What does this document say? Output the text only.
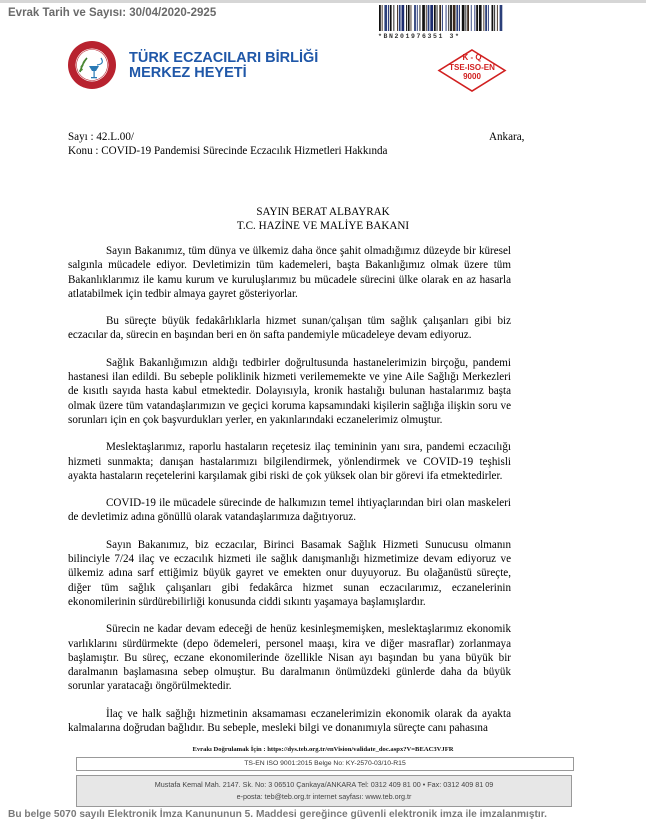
Evrak Tarih ve Sayısı: 30/04/2020-2925
*BN201976351 3*
TÜRK ECZACILARI BİRLİĞİ
MERKEZ HEYETİ
K - Q
TSE-ISO-EN
9000
Sayı : 42.L.00/
Konu : COVID-19 Pandemisi Sürecinde Eczacılık Hizmetleri Hakkında
Ankara,
SAYIN BERAT ALBAYRAK
T.C. HAZİNE VE MALİYE BAKANI

Sayın Bakanımız, tüm dünya ve ülkemiz daha önce şahit olmadığımız düzeyde bir küresel salgınla mücadele ediyor. Devletimizin tüm kademeleri, başta Bakanlığımız olmak üzere tüm Bakanlıklarımız ile kamu kurum ve kuruluşlarımız bu mücadele sürecini ülke olarak en az hasarla atlatabilmek için tedbir almaya gayret gösteriyorlar.

Bu süreçte büyük fedakârlıklarla hizmet sunan/çalışan tüm sağlık çalışanları gibi biz eczacılar da, sürecin en başından beri en ön safta pandemiyle mücadeleye devam ediyoruz.

Sağlık Bakanlığımızın aldığı tedbirler doğrultusunda hastanelerimizin birçoğu, pandemi hastanesi ilan edildi. Bu sebeple poliklinik hizmeti verilememekte ve yine Aile Sağlığı Merkezleri de kısıtlı sayıda hasta kabul etmektedir. Dolayısıyla, kronik hastalığı bulunan hastalarımız başta olmak üzere tüm vatandaşlarımızın ve geçici koruma kapsamındaki kişilerin sağlığa ilişkin soru ve sorunları için en çok başvurdukları yerler, en yakınlarındaki eczanelerimiz olmuştur.

Meslektaşlarımız, raporlu hastaların reçetesiz ilaç temininin yanı sıra, pandemi eczacılığı hizmeti sunmakta; danışan hastalarımızı bilgilendirmek, yönlendirmek ve COVID-19 teşhisli ayakta hastaların reçetelerini karşılamak gibi riski de çok yüksek olan bir görevi ifa etmektedirler.

COVID-19 ile mücadele sürecinde de halkımızın temel ihtiyaçlarından biri olan maskeleri de devletimiz adına gönüllü olarak vatandaşlarımıza dağıtıyoruz.

Sayın Bakanımız, biz eczacılar, Birinci Basamak Sağlık Hizmeti Sunucusu olmanın bilinciyle 7/24 ilaç ve eczacılık hizmeti ile sağlık danışmanlığı hizmetimize devam ediyoruz ve ülkemiz adına sarf ettiğimiz büyük gayret ve emekten onur duyuyoruz. Bu olağanüstü süreçte, diğer tüm sağlık çalışanları gibi fedakârca hizmet sunan eczacılarımız, eczanelerinin ekonomilerinin sürdürebilirliği konusunda ciddi sıkıntı yaşamaya başlamışlardır.

Sürecin ne kadar devam edeceği de henüz kesinleşmemişken, meslektaşlarımız ekonomik varlıklarını sürdürmekte (depo ödemeleri, personel maaşı, kira ve diğer masraflar) zorlanmaya başlamıştır. Bu süreç, eczane ekonomilerinde özellikle Nisan ayı başından bu yana büyük bir daralmanın başlamasına sebep olmuştur. Bu daralmanın önümüzdeki günlerde daha da büyük sorunlar yaratacağı öngörülmektedir.

İlaç ve halk sağlığı hizmetinin aksamaması eczanelerimizin ekonomik olarak da ayakta kalmalarına doğrudan bağlıdır. Bu sebeple, mesleki bilgi ve donanımıyla süreçte canı pahasına

Evrakı Doğrulamak İçin : https://dys.teb.org.tr/enVision/validate_doc.aspx?V=BEAC3VJFR
TS-EN ISO 9001:2015 Belge No: KY-2570-03/10-R15
Mustafa Kemal Mah. 2147. Sk. No: 3 06510 Çankaya/ANKARA Tel: 0312 409 81 00 • Fax: 0312 409 81 09
e-posta: teb@teb.org.tr internet sayfası: www.teb.org.tr
Bu belge 5070 sayılı Elektronik İmza Kanununun 5. Maddesi gereğince güvenli elektronik imza ile imzalanmıştır.
